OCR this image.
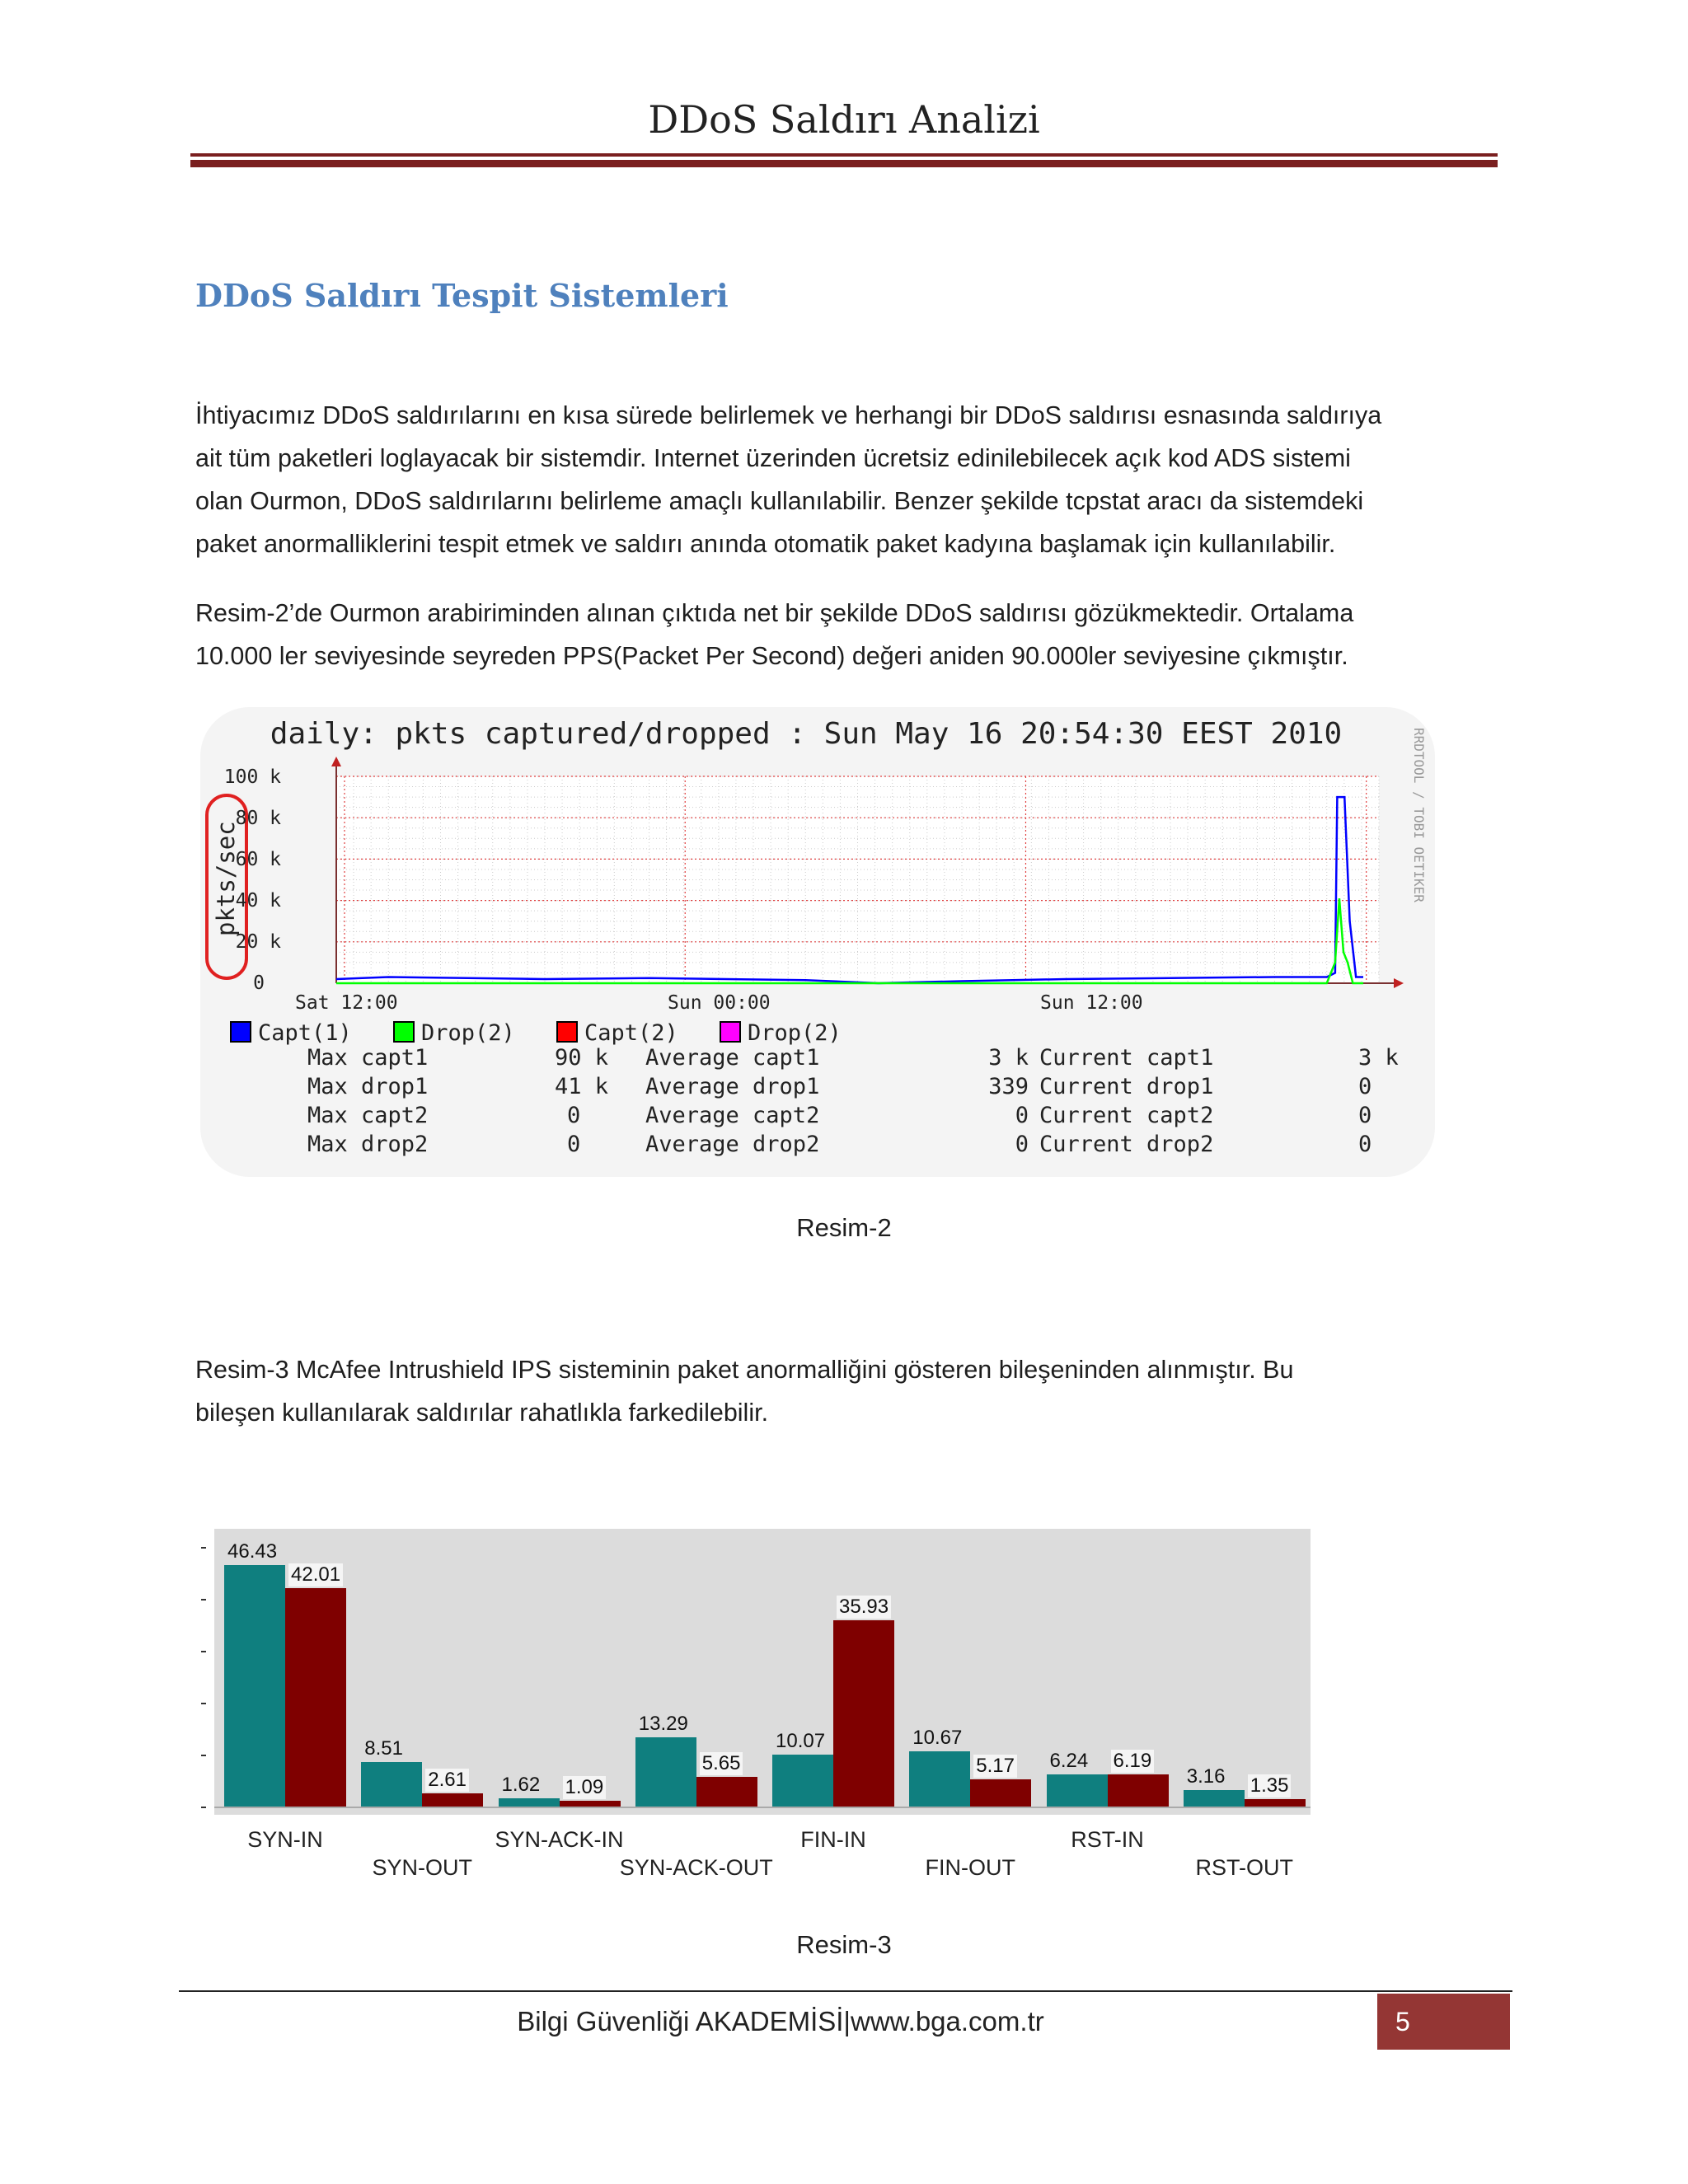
DDoS Saldırı Analizi
DDoS Saldırı Tespit Sistemleri
İhtiyacımız DDoS saldırılarını en kısa sürede belirlemek ve herhangi bir DDoS saldırısı esnasında saldırıya
ait tüm paketleri loglayacak bir sistemdir. Internet üzerinden ücretsiz edinilebilecek açık kod ADS sistemi
olan Ourmon, DDoS saldırılarını belirleme amaçlı kullanılabilir. Benzer şekilde tcpstat aracı da sistemdeki
paket anormalliklerini tespit etmek ve saldırı anında otomatik paket kadyına başlamak için kullanılabilir.
Resim-2’de Ourmon arabiriminden alınan çıktıda net bir şekilde DDoS saldırısı gözükmektedir. Ortalama
10.000 ler seviyesinde seyreden PPS(Packet Per Second) değeri aniden 90.000ler seviyesine çıkmıştır.
daily: pkts captured/dropped : Sun May 16 20:54:30 EEST 2010	RRDTOOL / TOBI OETIKER
pkts/sec
100 k
80 k
60 k
40 k
20 k
0
Sat 12:00	Sun 00:00	Sun 12:00
Capt(1)	Drop(2)	Capt(2)	Drop(2)
Max capt1	90 k Average capt1	3 k Current capt1	3 k
Max drop1	41 k Average drop1	339 Current drop1	0
Max capt2	0	Average capt2	0 Current capt2	0
Max drop2	0	Average drop2	0 Current drop2	0
Resim-2
Resim-3 McAfee Intrushield IPS sisteminin paket anormalliğini gösteren bileşeninden alınmıştır. Bu
bileşen kullanılarak saldırılar rahatlıkla farkedilebilir.
46.43
42.01
8.51
2.61 1.62 1.09
13.29
5.65
10.07
35.93
10.67
5.17 6.24 6.19
3.16 1.35
SYN-IN
SYN-OUT
SYN-ACK-IN
SYN-ACK-OUT
FIN-IN
FIN-OUT
RST-IN
RST-OUT
Resim-3
Bilgi Güvenliği AKADEMİSİ|www.bga.com.tr	5
